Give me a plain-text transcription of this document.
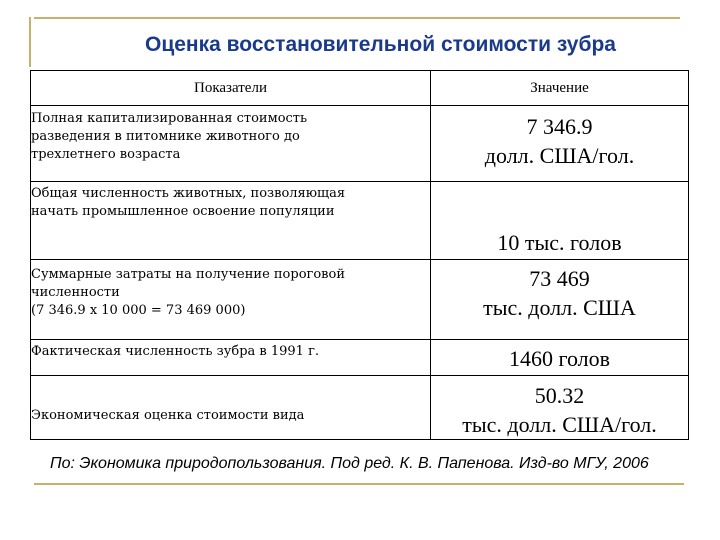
Оценка восстановительной стоимости зубра
Показатели	Значение

Полная капитализированная стоимость
разведения в питомнике животного до
трехлетнего возраста	7 346.9
долл. США/гол.

Общая численность животных, позволяющая
начать промышленное освоение популяции	10 тыс. голов

Суммарные затраты на получение пороговой
численности
(7 346.9 х 10 000 = 73 469 000)	73 469
тыс. долл. США

Фактическая численность зубра в 1991 г.	1460 голов

Экономическая оценка стоимости вида	50.32
тыс. долл. США/гол.

По: Экономика природопользования. Под ред. К. В. Папенова. Изд-во МГУ, 2006
